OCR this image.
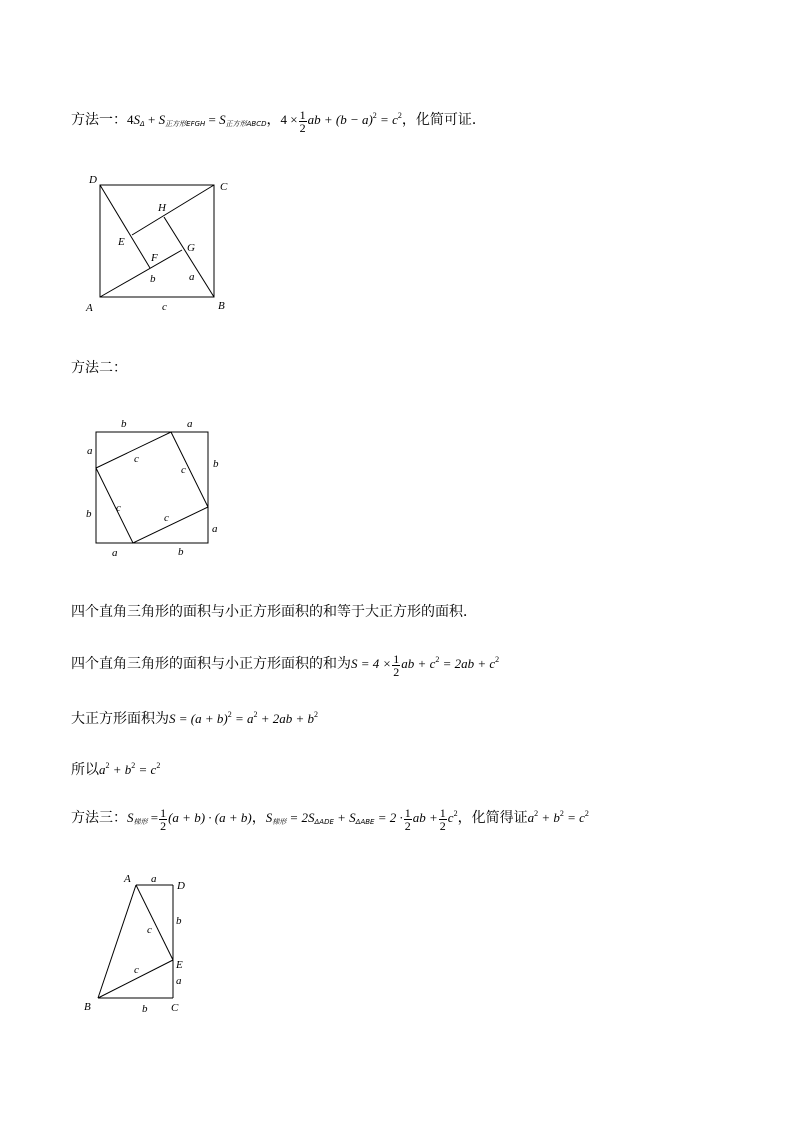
方法一：$4S_\Delta + S_{正方形EFGH} = S_{正方形ABCD}$，$4 \times \frac{1}{2}$ ab + $(b - a)^2 = c^2$，化简可证．
D
C
H
E	G
F
a
b
A	c	B
方法二：
b	a
a
b
b
a
a	b
c
c
c
c
四个直角三角形的面积与小正方形面积的和等于大正方形的面积．
四个直角三角形的面积与小正方形面积的和为$S = 4 \times \frac{1}{2}$ ab + $c^2 = 2ab + c^2$
大正方形面积为$S = (a + b)^2 = a^2 + 2ab + b^2$
所以$a^2 + b^2 = c^2$
方法三：$S_{梯形} = \frac{1}{2} (a + b) \cdot (a + b)$，$S_{梯形} = 2S_{\Delta ADE} + S_{\Delta ABE} = 2 \cdot \frac{1}{2}$ ab + $\frac{1}{2} c^2$，化简得证$a^2 + b^2 = c^2$
A a
D
b
c
E
c
a
B	b C
